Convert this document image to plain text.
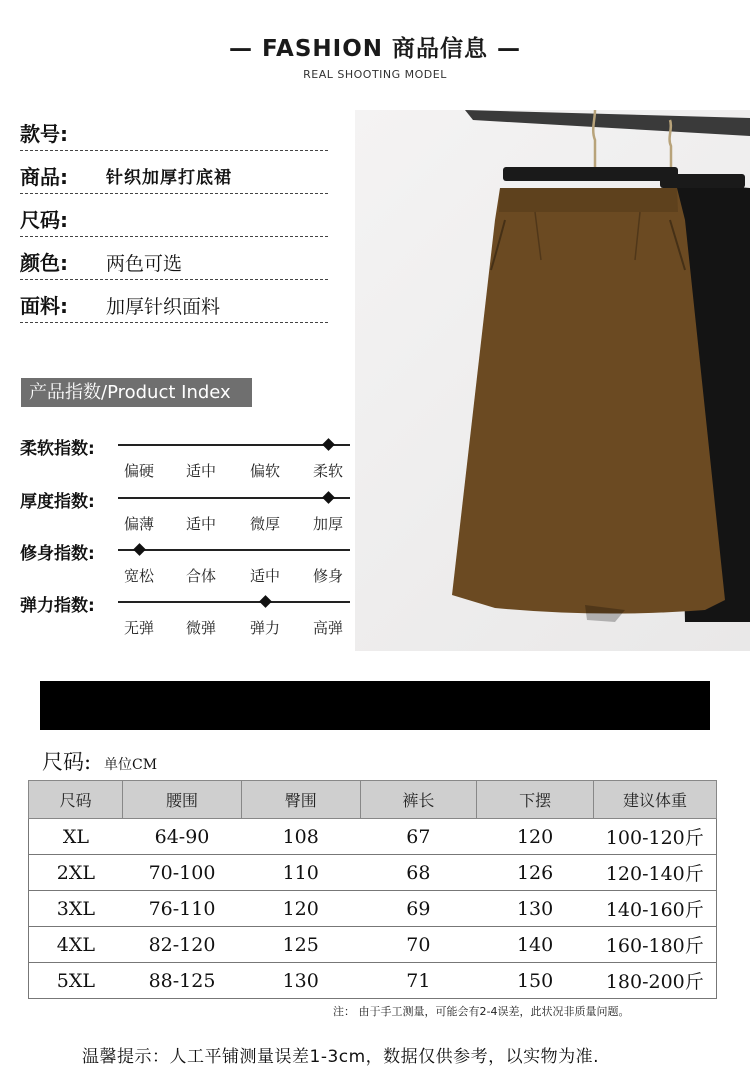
— FASHION 商品信息 —
REAL SHOOTING MODEL
款号:
商品: 针织加厚打底裙
尺码:
颜色: 两色可选
面料: 加厚针织面料
产品指数/Product Index
柔软指数:
偏硬	适中	偏软	柔软
厚度指数:
偏薄	适中	微厚	加厚
修身指数:
宽松	合体	适中	修身
弹力指数:
无弹	微弹	弹力	高弹
尺码: 单位CM
尺码	腰围	臀围	裤长	下摆	建议体重
XL	64-90	108	67	120	100-120斤
2XL	70-100	110	68	126	120-140斤
3XL	76-110	120	69	130	140-160斤
4XL	82-120	125	70	140	160-180斤
5XL	88-125	130	71	150	180-200斤
注： 由于手工测量，可能会有2-4误差，此状况非质量问题。
温馨提示：人工平铺测量误差1-3cm，数据仅供参考，以实物为准.
